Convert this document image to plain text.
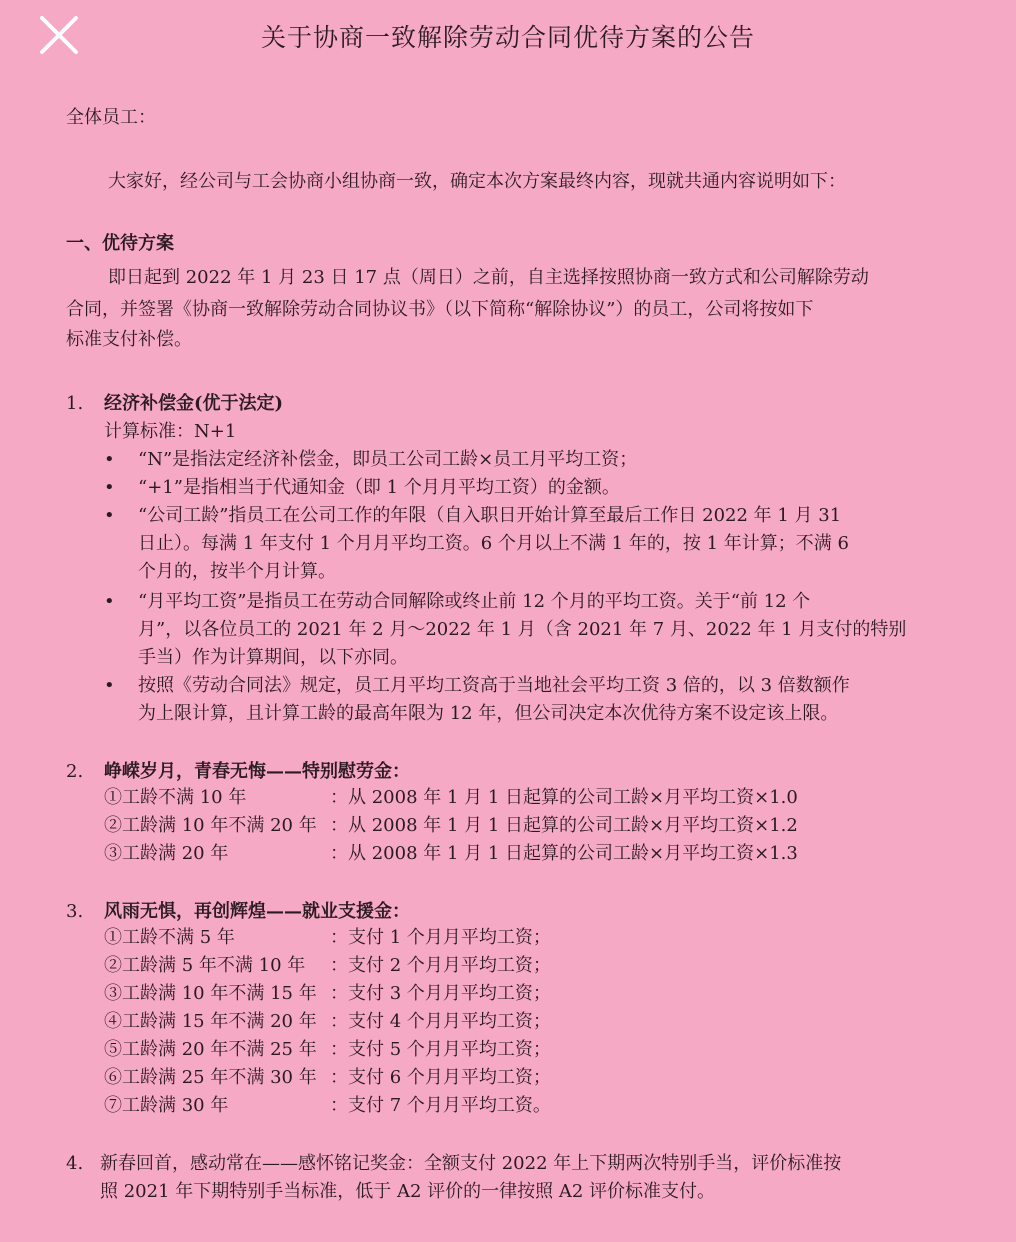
关于协商一致解除劳动合同优待方案的公告
全体员工：
大家好，经公司与工会协商小组协商一致，确定本次方案最终内容，现就共通内容说明如下：
一、优待方案
即日起到 2022 年 1 月 23 日 17 点（周日）之前，自主选择按照协商一致方式和公司解除劳动
合同，并签署《协商一致解除劳动合同协议书》（以下简称“解除协议”）的员工，公司将按如下
标准支付补偿。
1. 经济补偿金(优于法定)
计算标准：N+1
• “N”是指法定经济补偿金，即员工公司工龄×员工月平均工资；
• “+1”是指相当于代通知金（即 1 个月月平均工资）的金额。
• “公司工龄”指员工在公司工作的年限（自入职日开始计算至最后工作日 2022 年 1 月 31
日止）。每满 1 年支付 1 个月月平均工资。6 个月以上不满 1 年的，按 1 年计算；不满 6
个月的，按半个月计算。
• “月平均工资”是指员工在劳动合同解除或终止前 12 个月的平均工资。关于“前 12 个
月”，以各位员工的 2021 年 2 月～2022 年 1 月（含 2021 年 7 月、2022 年 1 月支付的特别
手当）作为计算期间，以下亦同。
• 按照《劳动合同法》规定，员工月平均工资高于当地社会平均工资 3 倍的，以 3 倍数额作
为上限计算，且计算工龄的最高年限为 12 年，但公司决定本次优待方案不设定该上限。
2. 峥嵘岁月，青春无悔——特别慰劳金：
①工龄不满 10 年	：从 2008 年 1 月 1 日起算的公司工龄×月平均工资×1.0
②工龄满 10 年不满 20 年 ：从 2008 年 1 月 1 日起算的公司工龄×月平均工资×1.2
③工龄满 20 年	：从 2008 年 1 月 1 日起算的公司工龄×月平均工资×1.3
3. 风雨无惧，再创辉煌——就业支援金：
①工龄不满 5 年	：支付 1 个月月平均工资；
②工龄满 5 年不满 10 年 ：支付 2 个月月平均工资；
③工龄满 10 年不满 15 年 ：支付 3 个月月平均工资；
④工龄满 15 年不满 20 年 ：支付 4 个月月平均工资；
⑤工龄满 20 年不满 25 年 ：支付 5 个月月平均工资；
⑥工龄满 25 年不满 30 年 ：支付 6 个月月平均工资；
⑦工龄满 30 年	：支付 7 个月月平均工资。
4. 新春回首，感动常在——感怀铭记奖金：全额支付 2022 年上下期两次特别手当，评价标准按
照 2021 年下期特别手当标准，低于 A2 评价的一律按照 A2 评价标准支付。
